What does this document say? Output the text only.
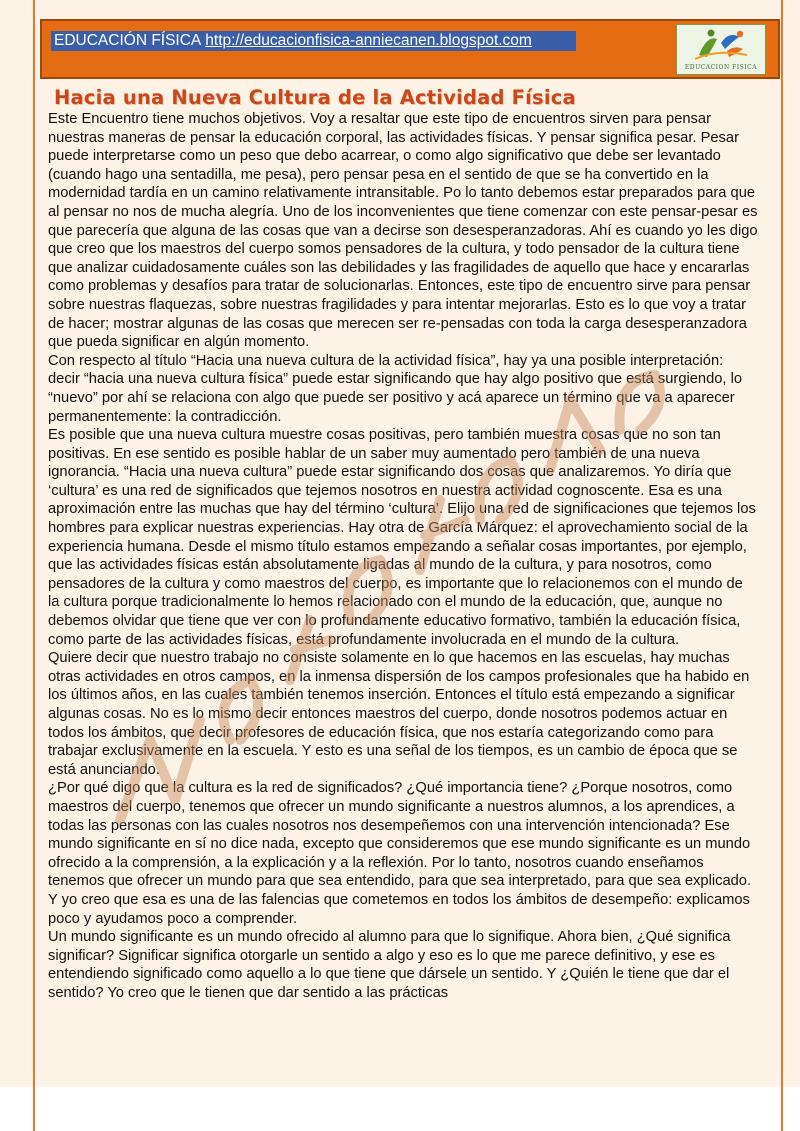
EDUCACIÓN FÍSICA http://educacionfisica-anniecanen.blogspot.com
EDUCACION FISICA
Hacia una Nueva Cultura de la Actividad Física

Este Encuentro tiene muchos objetivos. Voy a resaltar que este tipo de encuentros sirven para pensar nuestras maneras de pensar la educación corporal, las actividades físicas. Y pensar significa pesar. Pesar puede interpretarse como un peso que debo acarrear, o como algo significativo que debe ser levantado (cuando hago una sentadilla, me pesa), pero pensar pesa en el sentido de que se ha convertido en la modernidad tardía en un camino relativamente intransitable. Po lo tanto debemos estar preparados para que al pensar no nos de mucha alegría. Uno de los inconvenientes que tiene comenzar con este pensar-pesar es que parecería que alguna de las cosas que van a decirse son desesperanzadoras. Ahí es cuando yo les digo que creo que los maestros del cuerpo somos pensadores de la cultura, y todo pensador de la cultura tiene que analizar cuidadosamente cuáles son las debilidades y las fragilidades de aquello que hace y encararlas como problemas y desafíos para tratar de solucionarlas. Entonces, este tipo de encuentro sirve para pensar sobre nuestras flaquezas, sobre nuestras fragilidades y para intentar mejorarlas. Esto es lo que voy a tratar de hacer; mostrar algunas de las cosas que merecen ser re-pensadas con toda la carga desesperanzadora que pueda significar en algún momento.

Con respecto al título “Hacia una nueva cultura de la actividad física”, hay ya una posible interpretación: decir “hacia una nueva cultura física” puede estar significando que hay algo positivo que está surgiendo, lo “nuevo” por ahí se relaciona con algo que puede ser positivo y acá aparece un término que va a aparecer permanentemente: la contradicción.

Es posible que una nueva cultura muestre cosas positivas, pero también muestra cosas que no son tan positivas. En ese sentido es posible hablar de un saber muy aumentado pero también de una nueva ignorancia. “Hacia una nueva cultura” puede estar significando dos cosas que analizaremos. Yo diría que ‘cultura’ es una red de significados que tejemos nosotros en nuestra actividad cognoscente. Esa es una aproximación entre las muchas que hay del término ‘cultura’. Elijo una red de significaciones que tejemos los hombres para explicar nuestras experiencias. Hay otra de García Márquez: el aprovechamiento social de la experiencia humana. Desde el mismo título estamos empezando a señalar cosas importantes, por ejemplo, que las actividades físicas están absolutamente ligadas al mundo de la cultura, y para nosotros, como pensadores de la cultura y como maestros del cuerpo, es importante que lo relacionemos con el mundo de la cultura porque tradicionalmente lo hemos relacionado con el mundo de la educación, que, aunque no debemos olvidar que tiene que ver con lo profundamente educativo formativo, también la educación física, como parte de las actividades físicas, está profundamente involucrada en el mundo de la cultura.

Quiere decir que nuestro trabajo no consiste solamente en lo que hacemos en las escuelas, hay muchas otras actividades en otros campos, en la inmensa dispersión de los campos profesionales que ha habido en los últimos años, en las cuales también tenemos inserción. Entonces el título está empezando a significar algunas cosas. No es lo mismo decir entonces maestros del cuerpo, donde nosotros podemos actuar en todos los ámbitos, que decir profesores de educación física, que nos estaría categorizando como para trabajar exclusivamente en la escuela. Y esto es una señal de los tiempos, es un cambio de época que se está anunciando.

¿Por qué digo que la cultura es la red de significados? ¿Qué importancia tiene? ¿Porque nosotros, como maestros del cuerpo, tenemos que ofrecer un mundo significante a nuestros alumnos, a los aprendices, a todas las personas con las cuales nosotros nos desempeñemos con una intervención intencionada? Ese mundo significante en sí no dice nada, excepto que consideremos que ese mundo significante es un mundo ofrecido a la comprensión, a la explicación y a la reflexión. Por lo tanto, nosotros cuando enseñamos tenemos que ofrecer un mundo para que sea entendido, para que sea interpretado, para que sea explicado. Y yo creo que esa es una de las falencias que cometemos en todos los ámbitos de desempeño: explicamos poco y ayudamos poco a comprender.

Un mundo significante es un mundo ofrecido al alumno para que lo signifique. Ahora bien, ¿Qué significa significar? Significar significa otorgarle un sentido a algo y eso es lo que me parece definitivo, y ese es entendiendo significado como aquello a lo que tiene que dársele un sentido. Y ¿Quién le tiene que dar el sentido? Yo creo que le tienen que dar sentido a las prácticas
